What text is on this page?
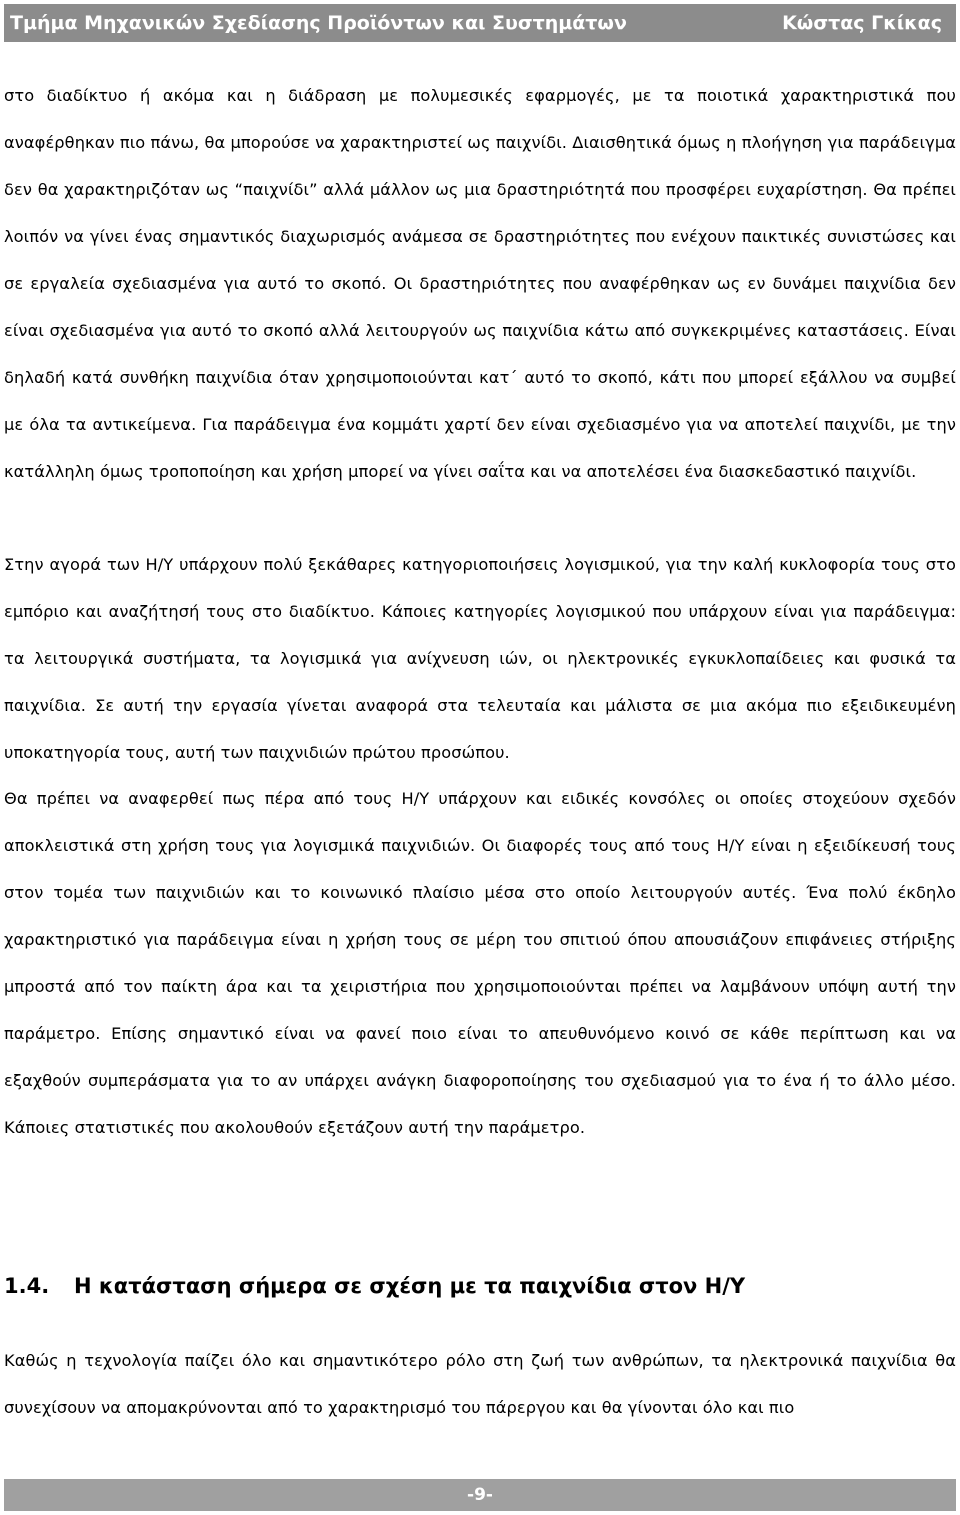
Τμήμα Μηχανικών Σχεδίασης Προϊόντων και Συστημάτων	Κώστας Γκίκας

στο διαδίκτυο ή ακόμα και η διάδραση με πολυμεσικές εφαρμογές, με τα ποιοτικά χαρακτηριστικά που αναφέρθηκαν πιο πάνω, θα μπορούσε να χαρακτηριστεί ως παιχνίδι. Διαισθητικά όμως η πλοήγηση για παράδειγμα δεν θα χαρακτηριζόταν ως “παιχνίδι” αλλά μάλλον ως μια δραστηριότητά που προσφέρει ευχαρίστηση. Θα πρέπει λοιπόν να γίνει ένας σημαντικός διαχωρισμός ανάμεσα σε δραστηριότητες που ενέχουν παικτικές συνιστώσες και σε εργαλεία σχεδιασμένα για αυτό το σκοπό. Οι δραστηριότητες που αναφέρθηκαν ως εν δυνάμει παιχνίδια δεν είναι σχεδιασμένα για αυτό το σκοπό αλλά λειτουργούν ως παιχνίδια κάτω από συγκεκριμένες καταστάσεις. Είναι δηλαδή κατά συνθήκη παιχνίδια όταν χρησιμοποιούνται κατ΄ αυτό το σκοπό, κάτι που μπορεί εξάλλου να συμβεί με όλα τα αντικείμενα. Για παράδειγμα ένα κομμάτι χαρτί δεν είναι σχεδιασμένο για να αποτελεί παιχνίδι, με την κατάλληλη όμως τροποποίηση και χρήση μπορεί να γίνει σαΐτα και να αποτελέσει ένα διασκεδαστικό παιχνίδι.

Στην αγορά των Η/Υ υπάρχουν πολύ ξεκάθαρες κατηγοριοποιήσεις λογισμικού, για την καλή κυκλοφορία τους στο εμπόριο και αναζήτησή τους στο διαδίκτυο. Κάποιες κατηγορίες λογισμικού που υπάρχουν είναι για παράδειγμα: τα λειτουργικά συστήματα, τα λογισμικά για ανίχνευση ιών, οι ηλεκτρονικές εγκυκλοπαίδειες και φυσικά τα παιχνίδια. Σε αυτή την εργασία γίνεται αναφορά στα τελευταία και μάλιστα σε μια ακόμα πιο εξειδικευμένη υποκατηγορία τους, αυτή των παιχνιδιών πρώτου προσώπου.

Θα πρέπει να αναφερθεί πως πέρα από τους Η/Υ υπάρχουν και ειδικές κονσόλες οι οποίες στοχεύουν σχεδόν αποκλειστικά στη χρήση τους για λογισμικά παιχνιδιών. Οι διαφορές τους από τους Η/Υ είναι η εξειδίκευσή τους στον τομέα των παιχνιδιών και το κοινωνικό πλαίσιο μέσα στο οποίο λειτουργούν αυτές. Ένα πολύ έκδηλο χαρακτηριστικό για παράδειγμα είναι η χρήση τους σε μέρη του σπιτιού όπου απουσιάζουν επιφάνειες στήριξης μπροστά από τον παίκτη άρα και τα χειριστήρια που χρησιμοποιούνται πρέπει να λαμβάνουν υπόψη αυτή την παράμετρο. Επίσης σημαντικό είναι να φανεί ποιο είναι το απευθυνόμενο κοινό σε κάθε περίπτωση και να εξαχθούν συμπεράσματα για το αν υπάρχει ανάγκη διαφοροποίησης του σχεδιασμού για το ένα ή το άλλο μέσο. Κάποιες στατιστικές που ακολουθούν εξετάζουν αυτή την παράμετρο.

1.4.	Η κατάσταση σήμερα σε σχέση με τα παιχνίδια στον Η/Υ

Καθώς η τεχνολογία παίζει όλο και σημαντικότερο ρόλο στη ζωή των ανθρώπων, τα ηλεκτρονικά παιχνίδια θα συνεχίσουν να απομακρύνονται από το χαρακτηρισμό του πάρεργου και θα γίνονται όλο και πιο

-9-
